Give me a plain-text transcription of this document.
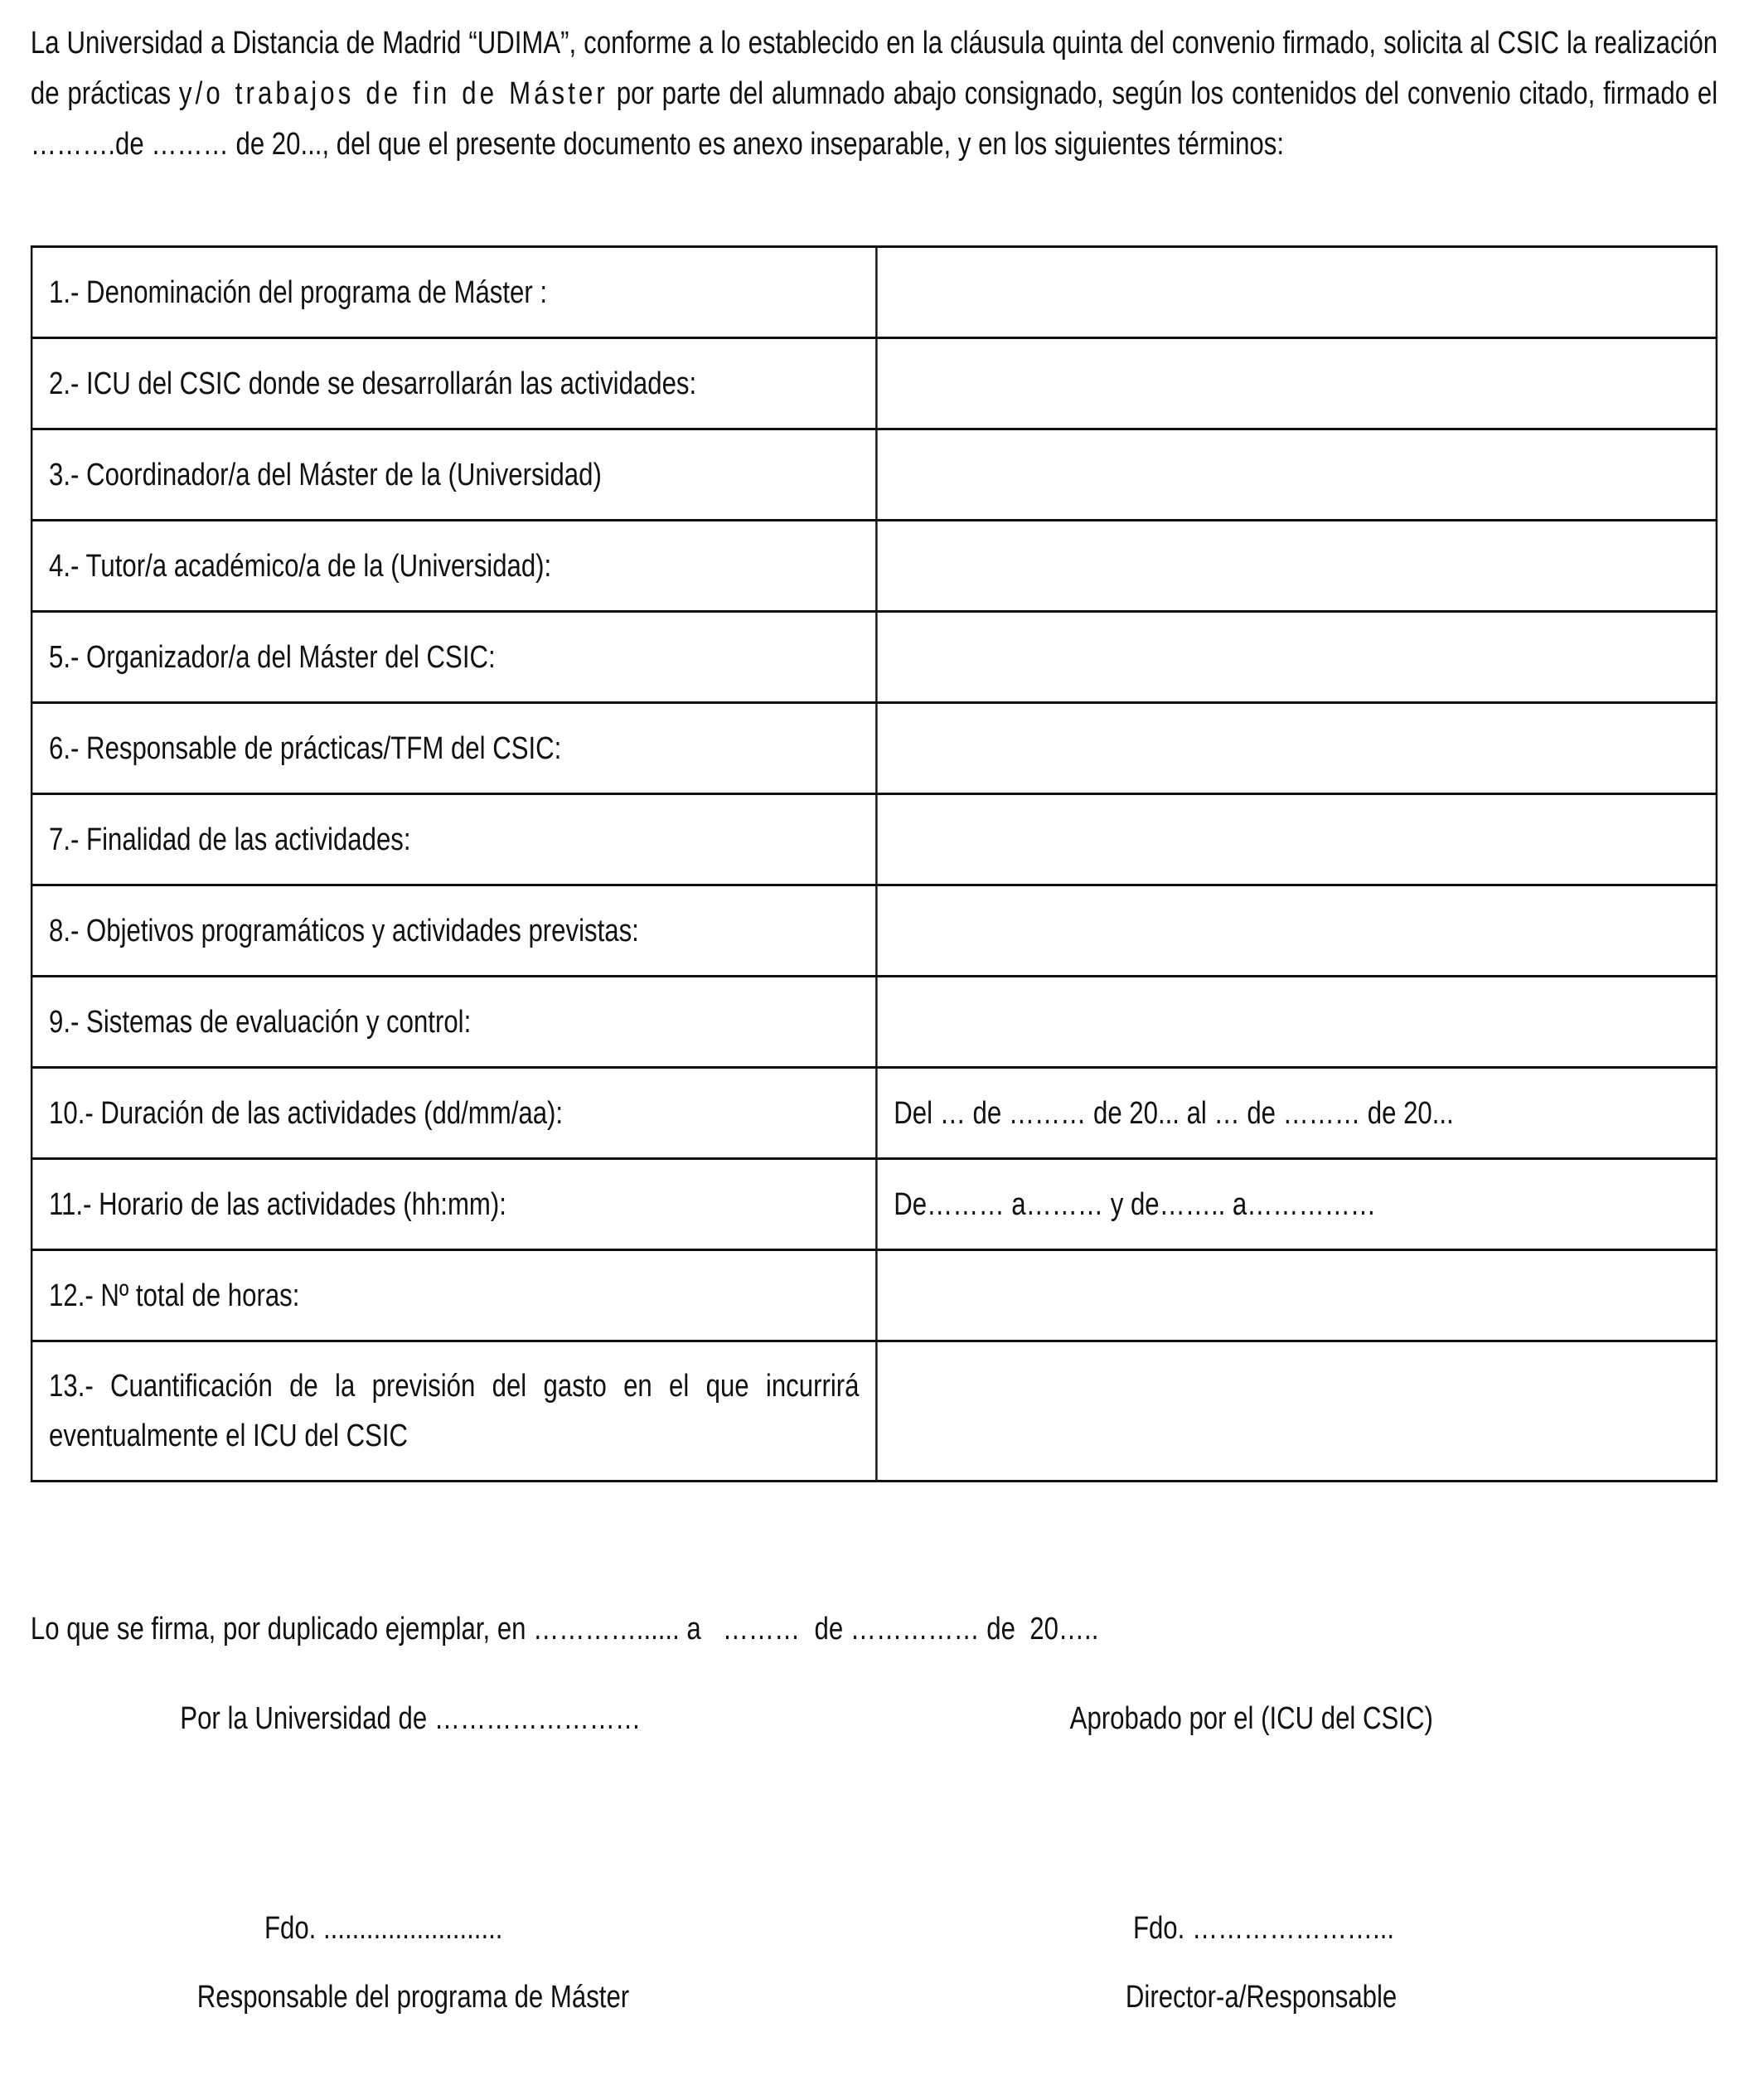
La Universidad a Distancia de Madrid “UDIMA”, conforme a lo establecido en la cláusula quinta del convenio firmado, solicita al CSIC la realización de prácticas y/o trabajos de fin de Máster por parte del alumnado abajo consignado, según los contenidos del convenio citado, firmado el ……….de ……… de 20..., del que el presente documento es anexo inseparable, y en los siguientes términos:

1.- Denominación del programa de Máster :	
2.- ICU del CSIC donde se desarrollarán las actividades:	
3.- Coordinador/a del Máster de la (Universidad)	
4.- Tutor/a académico/a de la (Universidad):	
5.- Organizador/a del Máster del CSIC:	
6.- Responsable de prácticas/TFM del CSIC:	
7.- Finalidad de las actividades:	
8.- Objetivos programáticos y actividades previstas:	
9.- Sistemas de evaluación y control:	
10.- Duración de las actividades (dd/mm/aa):	Del … de ……… de 20... al … de ……… de 20...
11.- Horario de las actividades (hh:mm):	De……… a……… y de…….. a……………
12.- Nº total de horas:	
13.- Cuantificación de la previsión del gasto en el que incurrirá eventualmente el ICU del CSIC	
Lo que se firma, por duplicado ejemplar, en …………...... a   ………  de …………… de  20…..
Por la Universidad de ……………………	Aprobado por el (ICU del CSIC)
Fdo. .........................	Fdo. …………………...
Responsable del programa de Máster	Director-a/Responsable
